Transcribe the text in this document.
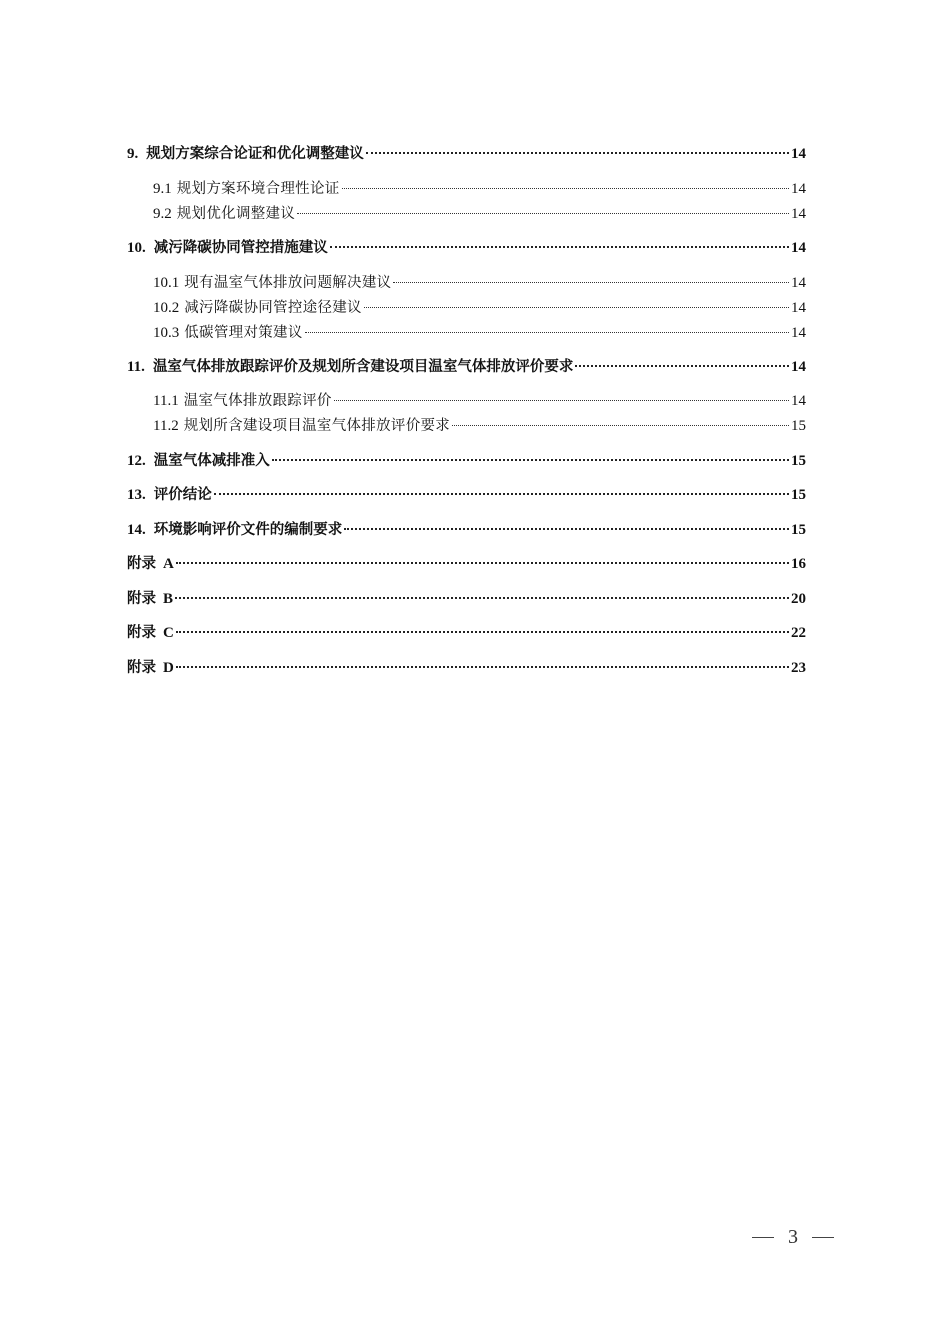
9. 规划方案综合论证和优化调整建议	14
9.1 规划方案环境合理性论证	14
9.2 规划优化调整建议	14
10. 减污降碳协同管控措施建议	14
10.1 现有温室气体排放问题解决建议	14
10.2 减污降碳协同管控途径建议	14
10.3 低碳管理对策建议	14
11. 温室气体排放跟踪评价及规划所含建设项目温室气体排放评价要求	14
11.1 温室气体排放跟踪评价	14
11.2 规划所含建设项目温室气体排放评价要求	15
12. 温室气体减排准入	15
13. 评价结论	15
14. 环境影响评价文件的编制要求	15
附录 A	16
附录 B	20
附录 C	22
附录 D	23
3
